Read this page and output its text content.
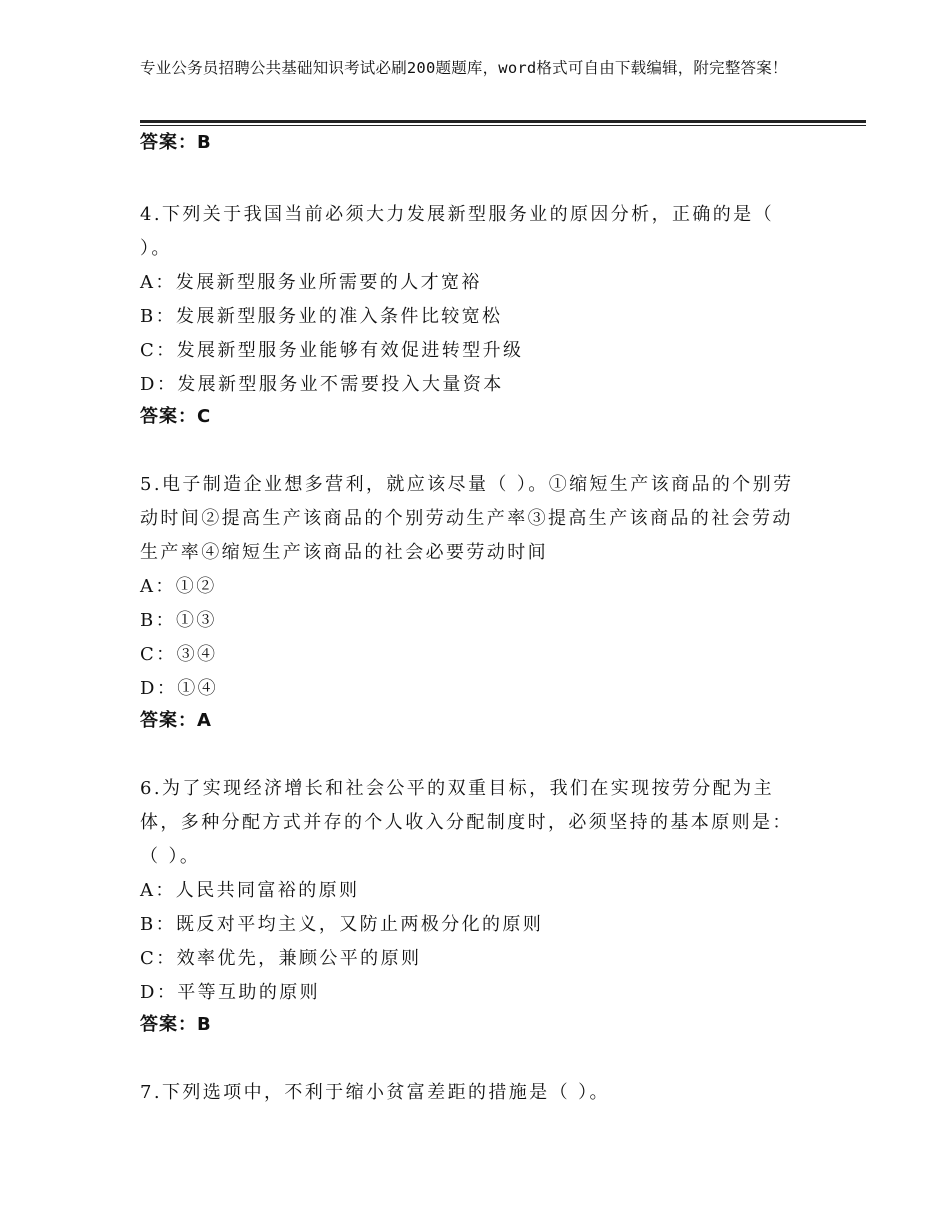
专业公务员招聘公共基础知识考试必刷200题题库，word格式可自由下载编辑，附完整答案！

答案：B

4.下列关于我国当前必须大力发展新型服务业的原因分析，正确的是（ ）。

A：发展新型服务业所需要的人才宽裕

B：发展新型服务业的准入条件比较宽松

C：发展新型服务业能够有效促进转型升级

D：发展新型服务业不需要投入大量资本

答案：C

5.电子制造企业想多营利，就应该尽量（ ）。①缩短生产该商品的个别劳动时间②提高生产该商品的个别劳动生产率③提高生产该商品的社会劳动生产率④缩短生产该商品的社会必要劳动时间

A：①②

B：①③

C：③④

D：①④

答案：A

6.为了实现经济增长和社会公平的双重目标，我们在实现按劳分配为主体，多种分配方式并存的个人收入分配制度时，必须坚持的基本原则是：（ ）。

A：人民共同富裕的原则

B：既反对平均主义，又防止两极分化的原则

C：效率优先，兼顾公平的原则

D：平等互助的原则

答案：B

7.下列选项中，不利于缩小贫富差距的措施是（ ）。
